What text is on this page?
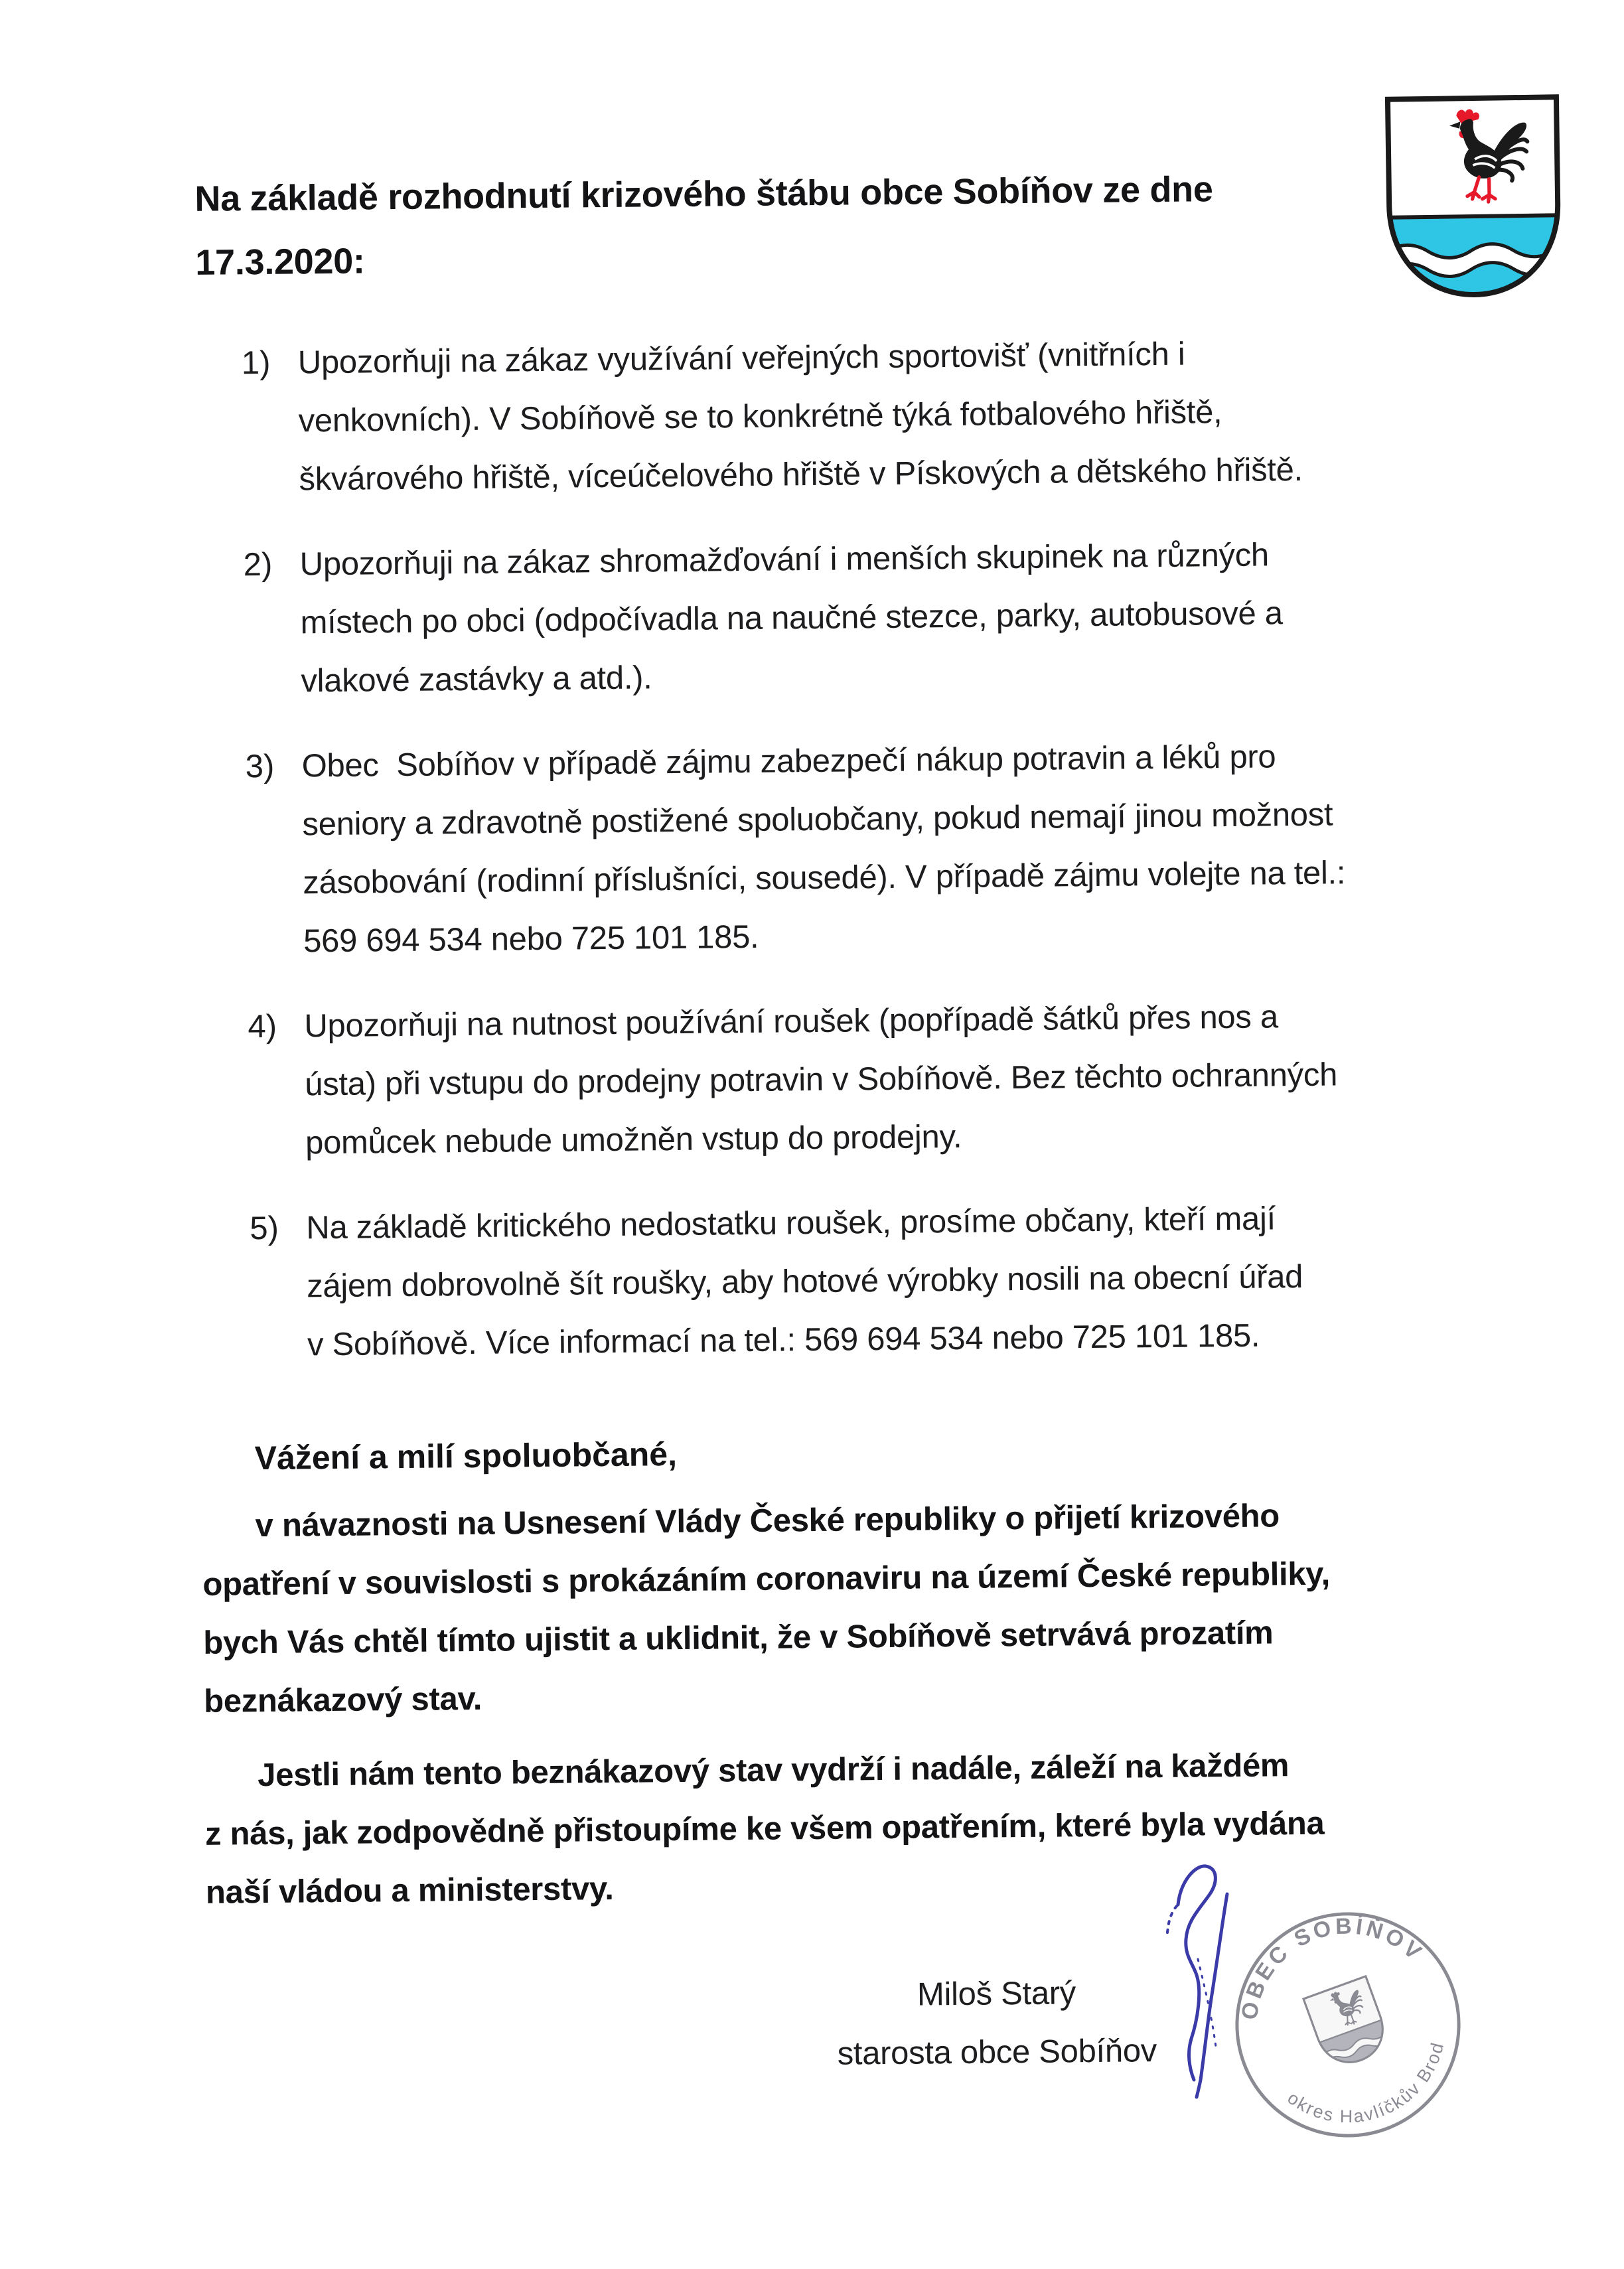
Na základě rozhodnutí krizového štábu obce Sobíňov ze dne
17.3.2020:
1) Upozorňuji na zákaz využívání veřejných sportovišť (vnitřních i
venkovních). V Sobíňově se to konkrétně týká fotbalového hřiště,
škvárového hřiště, víceúčelového hřiště v Pískových a dětského hřiště.
2) Upozorňuji na zákaz shromažďování i menších skupinek na různých
místech po obci (odpočívadla na naučné stezce, parky, autobusové a
vlakové zastávky a atd.).
3) Obec  Sobíňov v případě zájmu zabezpečí nákup potravin a léků pro
seniory a zdravotně postižené spoluobčany, pokud nemají jinou možnost
zásobování (rodinní příslušníci, sousedé). V případě zájmu volejte na tel.:
569 694 534 nebo 725 101 185.
4) Upozorňuji na nutnost používání roušek (popřípadě šátků přes nos a
ústa) při vstupu do prodejny potravin v Sobíňově. Bez těchto ochranných
pomůcek nebude umožněn vstup do prodejny.
5) Na základě kritického nedostatku roušek, prosíme občany, kteří mají
zájem dobrovolně šít roušky, aby hotové výrobky nosili na obecní úřad
v Sobíňově. Více informací na tel.: 569 694 534 nebo 725 101 185.
Vážení a milí spoluobčané,
v návaznosti na Usnesení Vlády České republiky o přijetí krizového
opatření v souvislosti s prokázáním coronaviru na území České republiky,
bych Vás chtěl tímto ujistit a uklidnit, že v Sobíňově setrvává prozatím
beznákazový stav.
Jestli nám tento beznákazový stav vydrží i nadále, záleží na každém
z nás, jak zodpovědně přistoupíme ke všem opatřením, které byla vydána
naší vládou a ministerstvy.
Miloš Starý
starosta obce Sobíňov
OBEC SOBÍŇOV
okres Havlíčkův Brod
